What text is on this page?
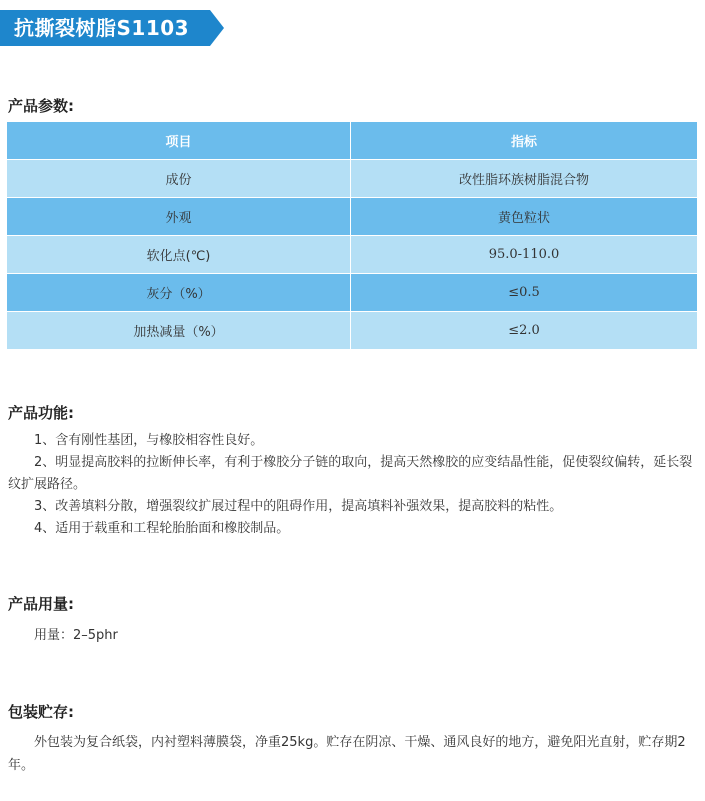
抗撕裂树脂S1103
产品参数:
项目	指标
成份	改性脂环族树脂混合物
外观	黄色粒状
软化点(℃)	95.0-110.0
灰分（%）	≤0.5
加热减量（%）	≤2.0
产品功能:

1、含有刚性基团，与橡胶相容性良好。

2、明显提高胶料的拉断伸长率，有利于橡胶分子链的取向，提高天然橡胶的应变结晶性能，促使裂纹偏转，延长裂纹扩展路径。

3、改善填料分散，增强裂纹扩展过程中的阻碍作用，提高填料补强效果，提高胶料的粘性。

4、适用于载重和工程轮胎胎面和橡胶制品。

产品用量:
用量：2–5phr
包装贮存:

外包装为复合纸袋，内衬塑料薄膜袋，净重25kg。贮存在阴凉、干燥、通风良好的地方，避免阳光直射，贮存期2年。
